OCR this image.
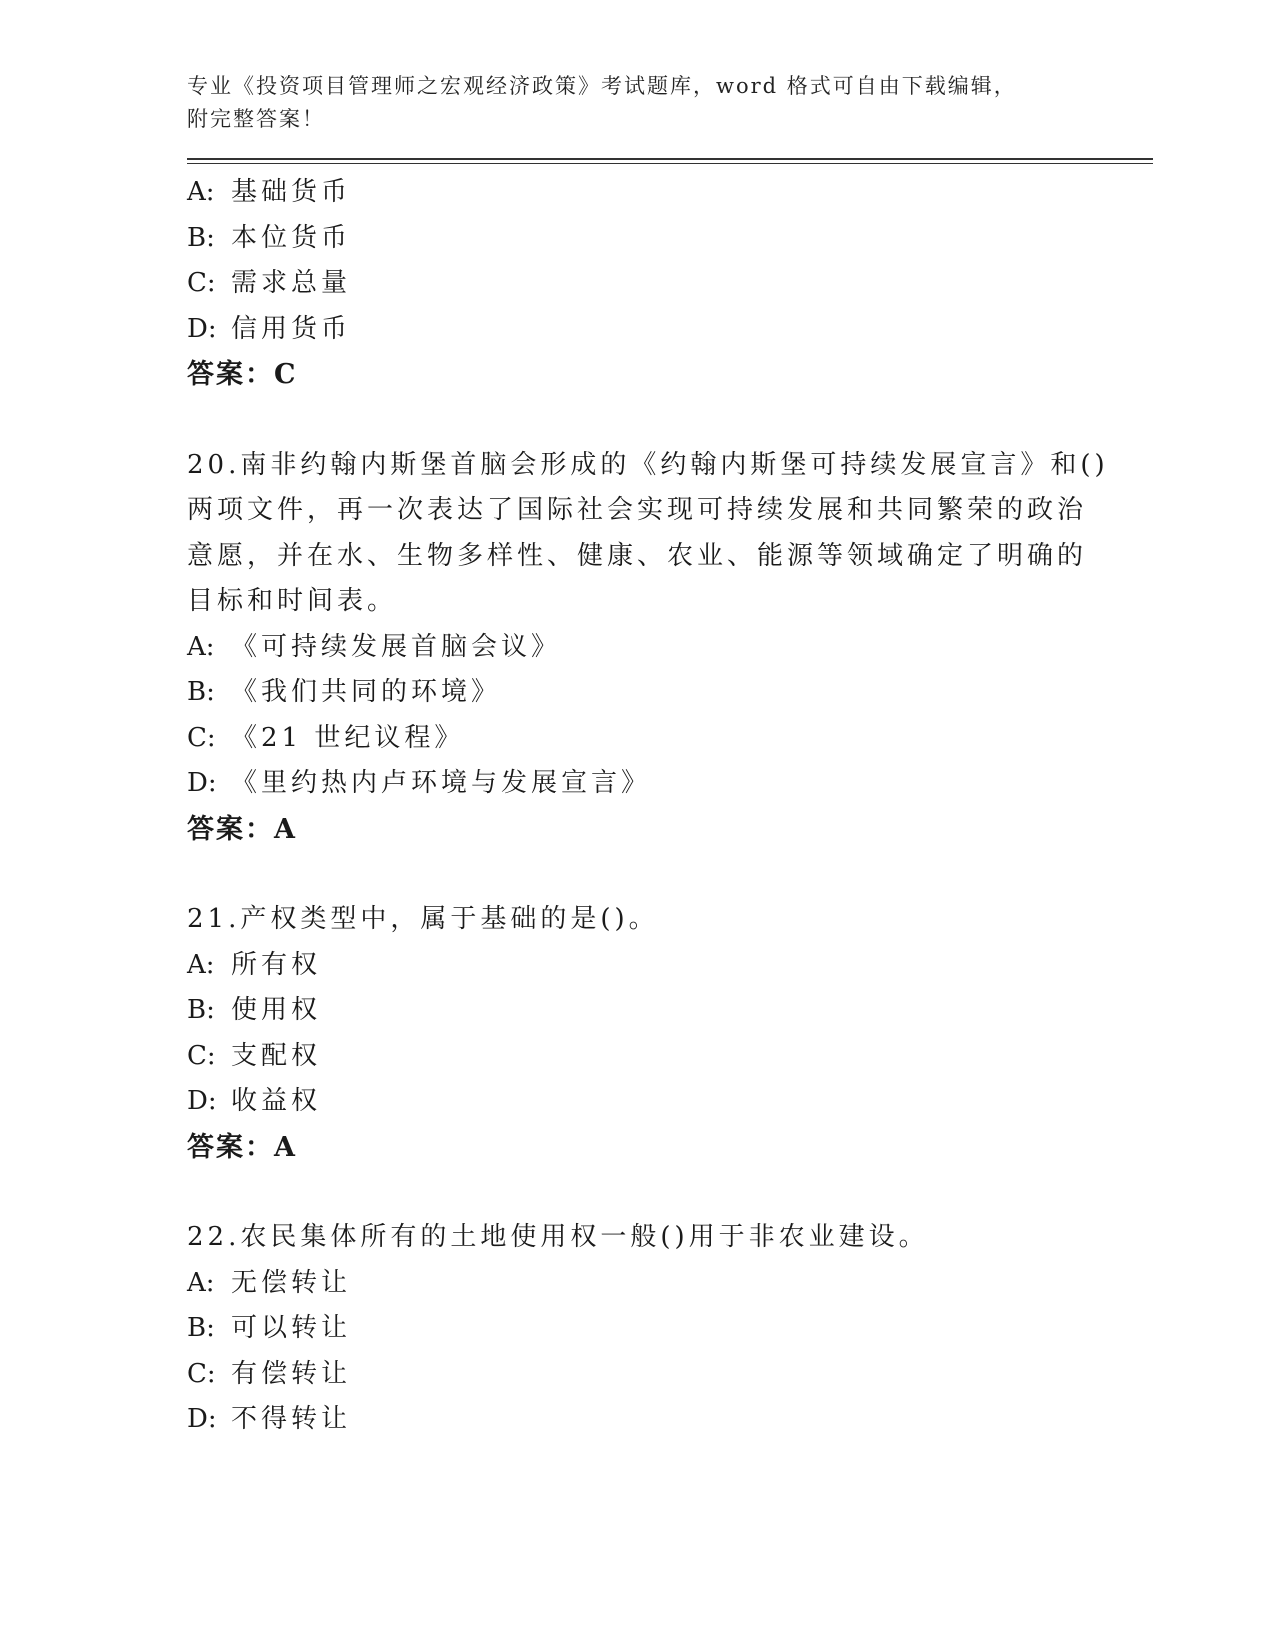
专业《投资项目管理师之宏观经济政策》考试题库，word 格式可自由下载编辑，
附完整答案！
A: 基础货币
B: 本位货币
C: 需求总量
D: 信用货币
答案：C
20.南非约翰内斯堡首脑会形成的《约翰内斯堡可持续发展宣言》和()
两项文件，再一次表达了国际社会实现可持续发展和共同繁荣的政治
意愿，并在水、生物多样性、健康、农业、能源等领域确定了明确的
目标和时间表。
A: 《可持续发展首脑会议》
B: 《我们共同的环境》
C: 《21 世纪议程》
D: 《里约热内卢环境与发展宣言》
答案：A
21.产权类型中，属于基础的是()。
A: 所有权
B: 使用权
C: 支配权
D: 收益权
答案：A
22.农民集体所有的土地使用权一般()用于非农业建设。
A: 无偿转让
B: 可以转让
C: 有偿转让
D: 不得转让
